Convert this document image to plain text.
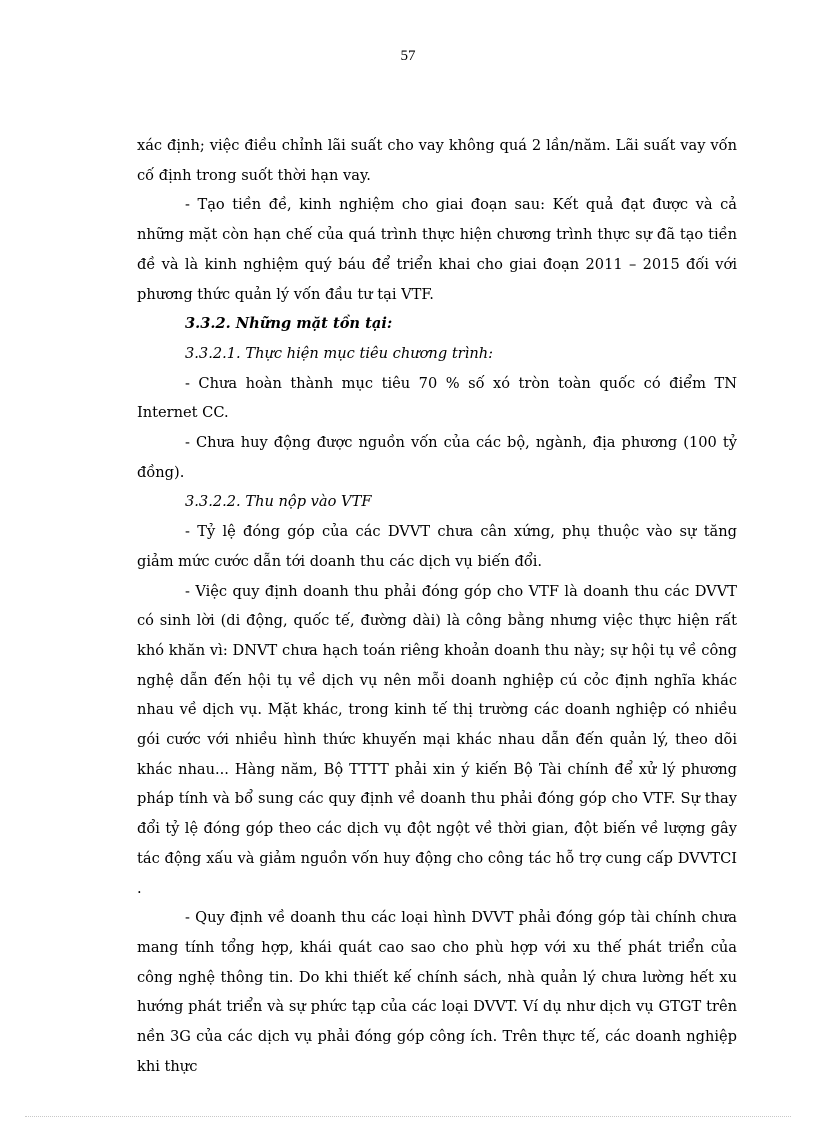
57

xác định; việc điều chỉnh lãi suất cho vay không quá 2 lần/năm. Lãi suất vay vốn cố định trong suốt thời hạn vay.

- Tạo tiền đề, kinh nghiệm cho giai đoạn sau: Kết quả đạt được và cả những mặt còn hạn chế của quá trình thực hiện chương trình thực sự đã tạo tiền đề và là kinh nghiệm quý báu để triển khai cho giai đoạn 2011 – 2015 đối với phương thức quản lý vốn đầu tư tại VTF.

3.3.2. Những mặt tồn tại:

3.3.2.1. Thực hiện mục tiêu chương trình:

- Chưa hoàn thành mục tiêu 70 % số xó tròn toàn quốc có điểm TN Internet CC.

- Chưa huy động được nguồn vốn của các bộ, ngành, địa phương (100 tỷ đồng).

3.3.2.2. Thu nộp vào VTF

- Tỷ lệ đóng góp của các DVVT chưa cân xứng, phụ thuộc vào sự tăng giảm mức cước dẫn tới doanh thu các dịch vụ biến đổi.

- Việc quy định doanh thu phải đóng góp cho VTF là doanh thu các DVVT có sinh lời (di động, quốc tế, đường dài) là công bằng nhưng việc thực hiện rất khó khăn vì: DNVT chưa hạch toán riêng khoản doanh thu này; sự hội tụ về công nghệ dẫn đến hội tụ về dịch vụ nên mỗi doanh nghiệp cú cỏc định nghĩa khác nhau về dịch vụ. Mặt khác, trong kinh tế thị trường các doanh nghiệp có nhiều gói cước với nhiều hình thức khuyến mại khác nhau dẫn đến quản lý, theo dõi khác nhau... Hàng năm, Bộ TTTT phải xin ý kiến Bộ Tài chính để xử lý phương pháp tính và bổ sung các quy định về doanh thu phải đóng góp cho VTF. Sự thay đổi tỷ lệ đóng góp theo các dịch vụ đột ngột về thời gian, đột biến về lượng gây tác động xấu và giảm nguồn vốn huy động cho công tác hỗ trợ cung cấp DVVTCI .

- Quy định về doanh thu các loại hình DVVT phải đóng góp tài chính chưa mang tính tổng hợp, khái quát cao sao cho phù hợp với xu thế phát triển của công nghệ thông tin. Do khi thiết kế chính sách, nhà quản lý chưa lường hết xu hướng phát triển và sự phức tạp của các loại DVVT. Ví dụ như dịch vụ GTGT trên nền 3G của các dịch vụ phải đóng góp công ích. Trên thực tế, các doanh nghiệp khi thực
